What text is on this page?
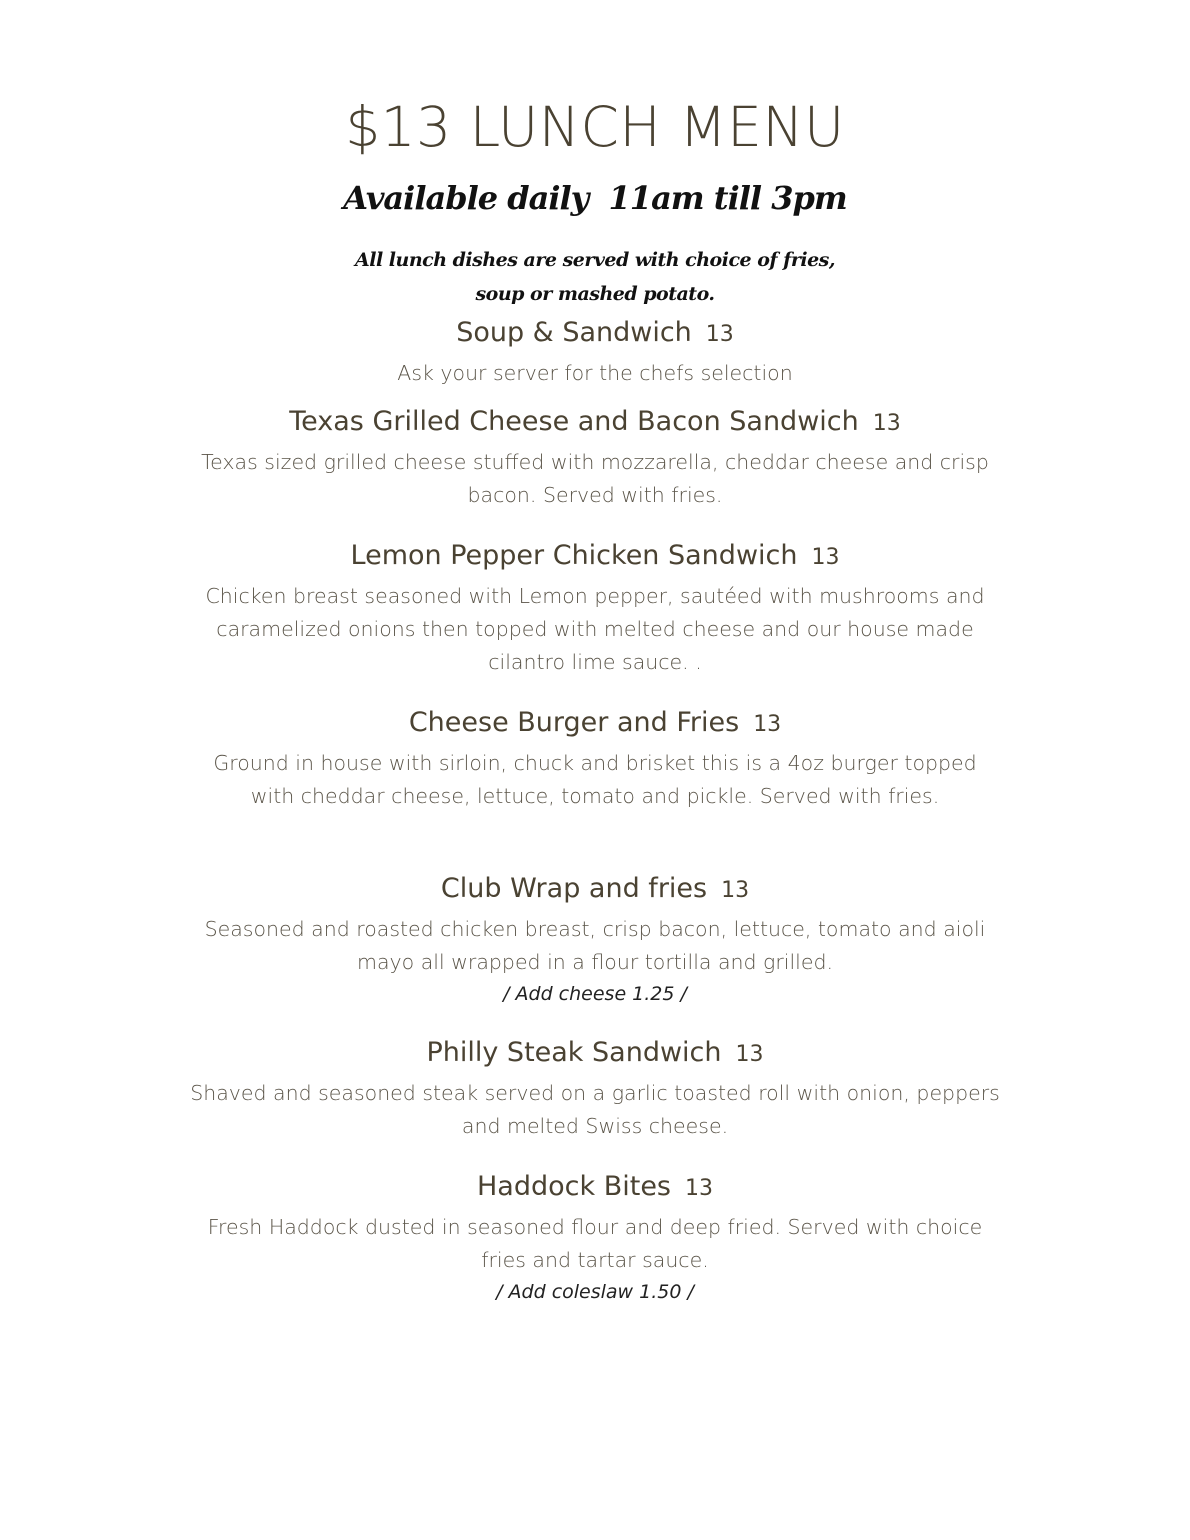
$13 LUNCH MENU
Available daily  11am till 3pm
All lunch dishes are served with choice of fries,
soup or mashed potato.
Soup & Sandwich 13
Ask your server for the chefs selection
Texas Grilled Cheese and Bacon Sandwich 13
Texas sized grilled cheese stuffed with mozzarella, cheddar cheese and crisp bacon. Served with fries.
Lemon Pepper Chicken Sandwich 13
Chicken breast seasoned with Lemon pepper, sautéed with mushrooms and caramelized onions then topped with melted cheese and our house made cilantro lime sauce. .
Cheese Burger and Fries 13
Ground in house with sirloin, chuck and brisket this is a 4oz burger topped with cheddar cheese, lettuce, tomato and pickle. Served with fries.
Club Wrap and fries 13
Seasoned and roasted chicken breast, crisp bacon, lettuce, tomato and aioli mayo all wrapped in a flour tortilla and grilled.
/ Add cheese 1.25 /
Philly Steak Sandwich 13
Shaved and seasoned steak served on a garlic toasted roll with onion, peppers and melted Swiss cheese.
Haddock Bites 13
Fresh Haddock dusted in seasoned flour and deep fried. Served with choice fries and tartar sauce.
/ Add coleslaw 1.50 /
